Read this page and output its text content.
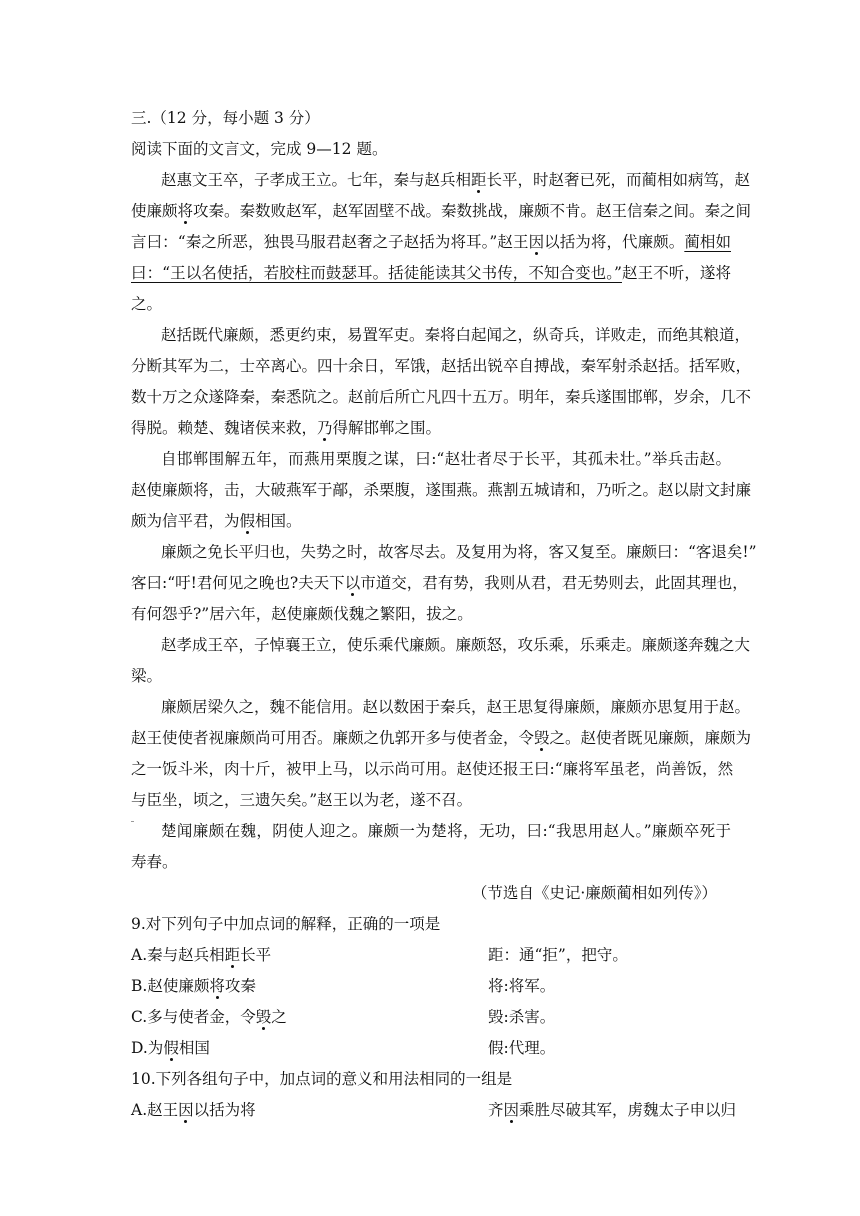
三.（12 分，每小题 3 分）
阅读下面的文言文，完成 9—12 题。
赵惠文王卒，子孝成王立。七年，秦与赵兵相距长平，时赵奢已死，而蔺相如病笃，赵
使廉颇将攻秦。秦数败赵军，赵军固壁不战。秦数挑战，廉颇不肯。赵王信秦之间。秦之间
言曰：“秦之所恶，独畏马服君赵奢之子赵括为将耳。”赵王因以括为将，代廉颇。蔺相如
曰：“王以名使括，若胶柱而鼓瑟耳。括徒能读其父书传，不知合变也。”赵王不听，遂将
之。
赵括既代廉颇，悉更约束，易置军吏。秦将白起闻之，纵奇兵，详败走，而绝其粮道，
分断其军为二，士卒离心。四十余日，军饿，赵括出锐卒自搏战，秦军射杀赵括。括军败，
数十万之众遂降秦，秦悉阬之。赵前后所亡凡四十五万。明年，秦兵遂围邯郸，岁余，几不
得脱。赖楚、魏诸侯来救，乃得解邯郸之围。
自邯郸围解五年，而燕用栗腹之谋，曰:“赵壮者尽于长平，其孤未壮。”举兵击赵。
赵使廉颇将，击，大破燕军于鄗，杀栗腹，遂围燕。燕割五城请和，乃听之。赵以尉文封廉
颇为信平君，为假相国。
廉颇之免长平归也，失势之时，故客尽去。及复用为将，客又复至。廉颇曰：“客退矣!”
客曰:“吁!君何见之晚也?夫天下以市道交，君有势，我则从君，君无势则去，此固其理也，
有何怨乎?”居六年，赵使廉颇伐魏之繁阳，拔之。
赵孝成王卒，子悼襄王立，使乐乘代廉颇。廉颇怒，攻乐乘，乐乘走。廉颇遂奔魏之大
梁。
廉颇居梁久之，魏不能信用。赵以数困于秦兵，赵王思复得廉颇，廉颇亦思复用于赵。
赵王使使者视廉颇尚可用否。廉颇之仇郭开多与使者金，令毁之。赵使者既见廉颇，廉颇为
之一饭斗米，肉十斤，被甲上马，以示尚可用。赵使还报王曰:“廉将军虽老，尚善饭，然
与臣坐，顷之，三遗矢矣。”赵王以为老，遂不召。
楚闻廉颇在魏，阴使人迎之。廉颇一为楚将，无功，曰:“我思用赵人。”廉颇卒死于
寿春。
（节选自《史记·廉颇蔺相如列传》）
9.对下列句子中加点词的解释，正确的一项是
A.秦与赵兵相距长平	距：通“拒”，把守。
B.赵使廉颇将攻秦	将:将军。
C.多与使者金，令毁之	毁:杀害。
D.为假相国	假:代理。
10.下列各组句子中，加点词的意义和用法相同的一组是
A.赵王因以括为将	齐因乘胜尽破其军，虏魏太子申以归
